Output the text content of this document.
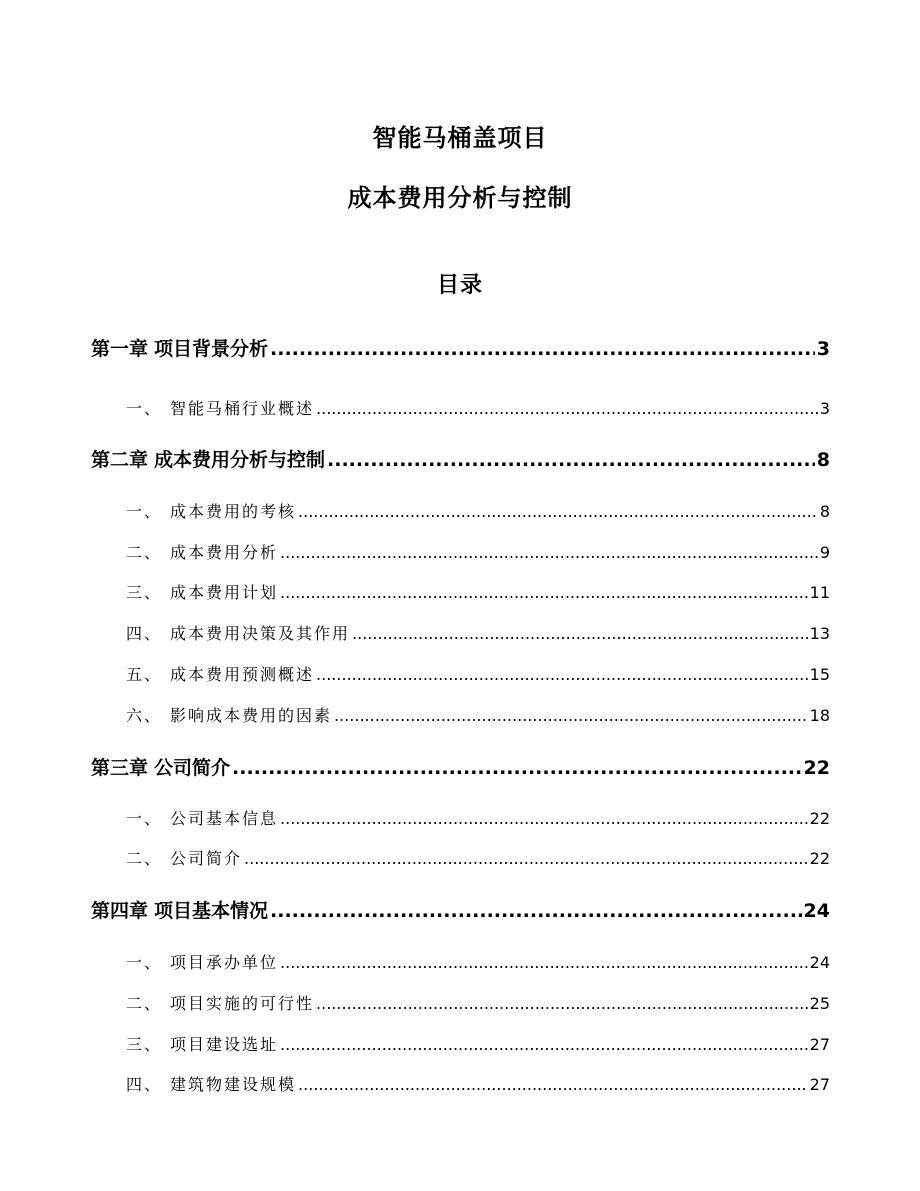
智能马桶盖项目
成本费用分析与控制
目录
第一章 项目背景分析 .....	3
一、 智能马桶行业概述 .....	3
第二章 成本费用分析与控制 .....	8
一、 成本费用的考核 .....	8
二、 成本费用分析 .....	9
三、 成本费用计划 .....	11
四、 成本费用决策及其作用 .....	13
五、 成本费用预测概述 .....	15
六、 影响成本费用的因素 .....	18
第三章 公司简介 .....	22
一、 公司基本信息 .....	22
二、 公司简介 .....	22
第四章 项目基本情况 .....	24
一、 项目承办单位 .....	24
二、 项目实施的可行性 .....	25
三、 项目建设选址 .....	27
四、 建筑物建设规模 .....	27
